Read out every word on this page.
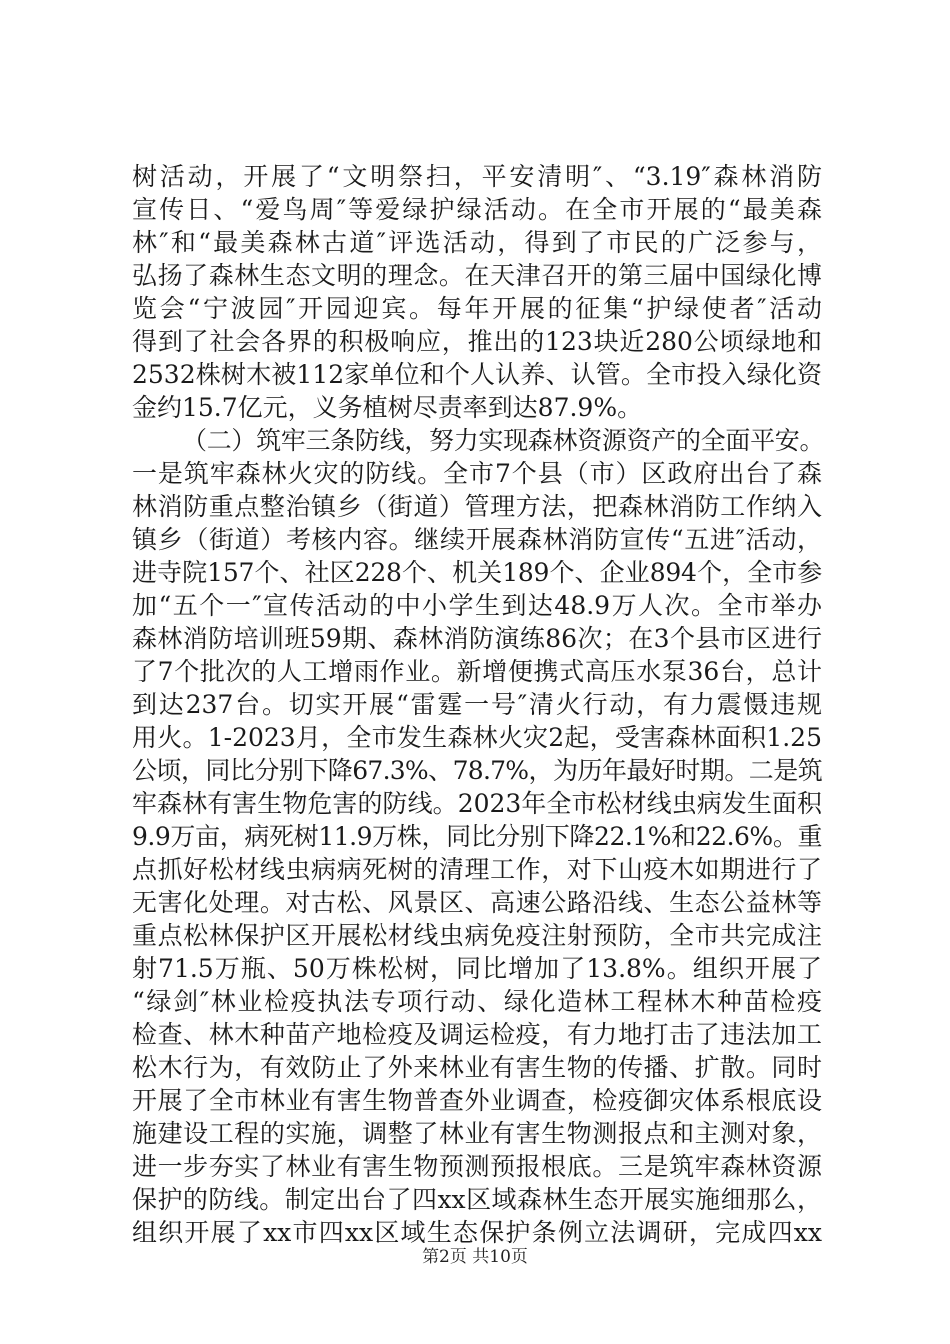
树活动，开展了“文明祭扫，平安清明″、“3.19″森林消防
宣传日、“爱鸟周″等爱绿护绿活动。在全市开展的“最美森
林″和“最美森林古道″评选活动，得到了市民的广泛参与，
弘扬了森林生态文明的理念。在天津召开的第三届中国绿化博
览会“宁波园″开园迎宾。每年开展的征集“护绿使者″活动
得到了社会各界的积极响应，推出的123块近280公顷绿地和
2532株树木被112家单位和个人认养、认管。全市投入绿化资
金约15.7亿元，义务植树尽责率到达87.9%。
（二）筑牢三条防线，努力实现森林资源资产的全面平安。
一是筑牢森林火灾的防线。全市7个县（市）区政府出台了森
林消防重点整治镇乡（街道）管理方法，把森林消防工作纳入
镇乡（街道）考核内容。继续开展森林消防宣传“五进″活动，
进寺院157个、社区228个、机关189个、企业894个，全市参
加“五个一″宣传活动的中小学生到达48.9万人次。全市举办
森林消防培训班59期、森林消防演练86次；在3个县市区进行
了7个批次的人工增雨作业。新增便携式高压水泵36台，总计
到达237台。切实开展“雷霆一号″清火行动，有力震慑违规
用火。1-2023月，全市发生森林火灾2起，受害森林面积1.25
公顷，同比分别下降67.3%、78.7%，为历年最好时期。二是筑
牢森林有害生物危害的防线。2023年全市松材线虫病发生面积
9.9万亩，病死树11.9万株，同比分别下降22.1%和22.6%。重
点抓好松材线虫病病死树的清理工作，对下山疫木如期进行了
无害化处理。对古松、风景区、高速公路沿线、生态公益林等
重点松林保护区开展松材线虫病免疫注射预防，全市共完成注
射71.5万瓶、50万株松树，同比增加了13.8%。组织开展了
“绿剑″林业检疫执法专项行动、绿化造林工程林木种苗检疫
检查、林木种苗产地检疫及调运检疫，有力地打击了违法加工
松木行为，有效防止了外来林业有害生物的传播、扩散。同时
开展了全市林业有害生物普查外业调查，检疫御灾体系根底设
施建设工程的实施，调整了林业有害生物测报点和主测对象，
进一步夯实了林业有害生物预测预报根底。三是筑牢森林资源
保护的防线。制定出台了四xx区域森林生态开展实施细那么，
组织开展了xx市四xx区域生态保护条例立法调研，完成四xx
第2页 共10页
